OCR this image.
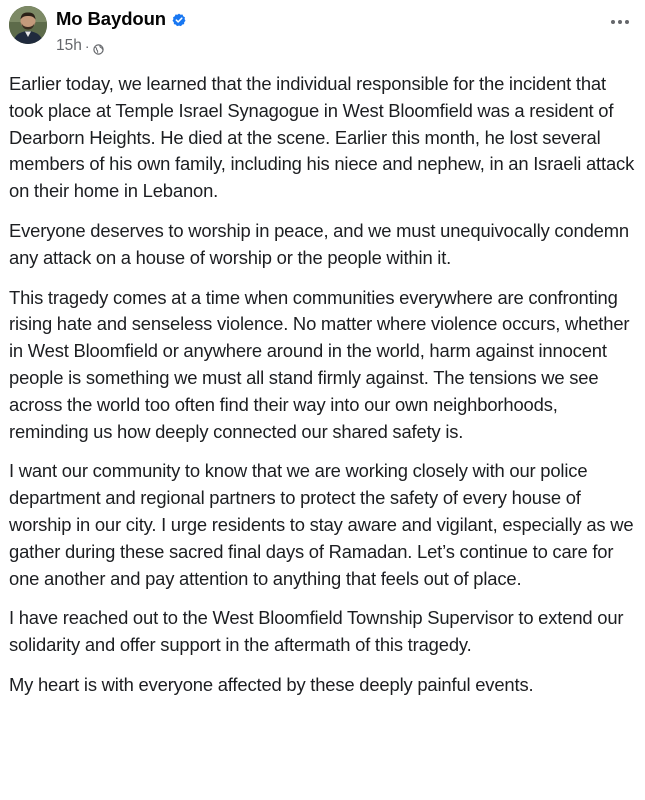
Mo Baydoun
15h ·

Earlier today, we learned that the individual responsible for the incident that took place at Temple Israel Synagogue in West Bloomfield was a resident of Dearborn Heights. He died at the scene. Earlier this month, he lost several members of his own family, including his niece and nephew, in an Israeli attack on their home in Lebanon.

Everyone deserves to worship in peace, and we must unequivocally condemn any attack on a house of worship or the people within it.

This tragedy comes at a time when communities everywhere are confronting rising hate and senseless violence. No matter where violence occurs, whether in West Bloomfield or anywhere around in the world, harm against innocent people is something we must all stand firmly against. The tensions we see across the world too often find their way into our own neighborhoods, reminding us how deeply connected our shared safety is.

I want our community to know that we are working closely with our police department and regional partners to protect the safety of every house of worship in our city. I urge residents to stay aware and vigilant, especially as we gather during these sacred final days of Ramadan. Let’s continue to care for one another and pay attention to anything that feels out of place.

I have reached out to the West Bloomfield Township Supervisor to extend our solidarity and offer support in the aftermath of this tragedy.

My heart is with everyone affected by these deeply painful events.
